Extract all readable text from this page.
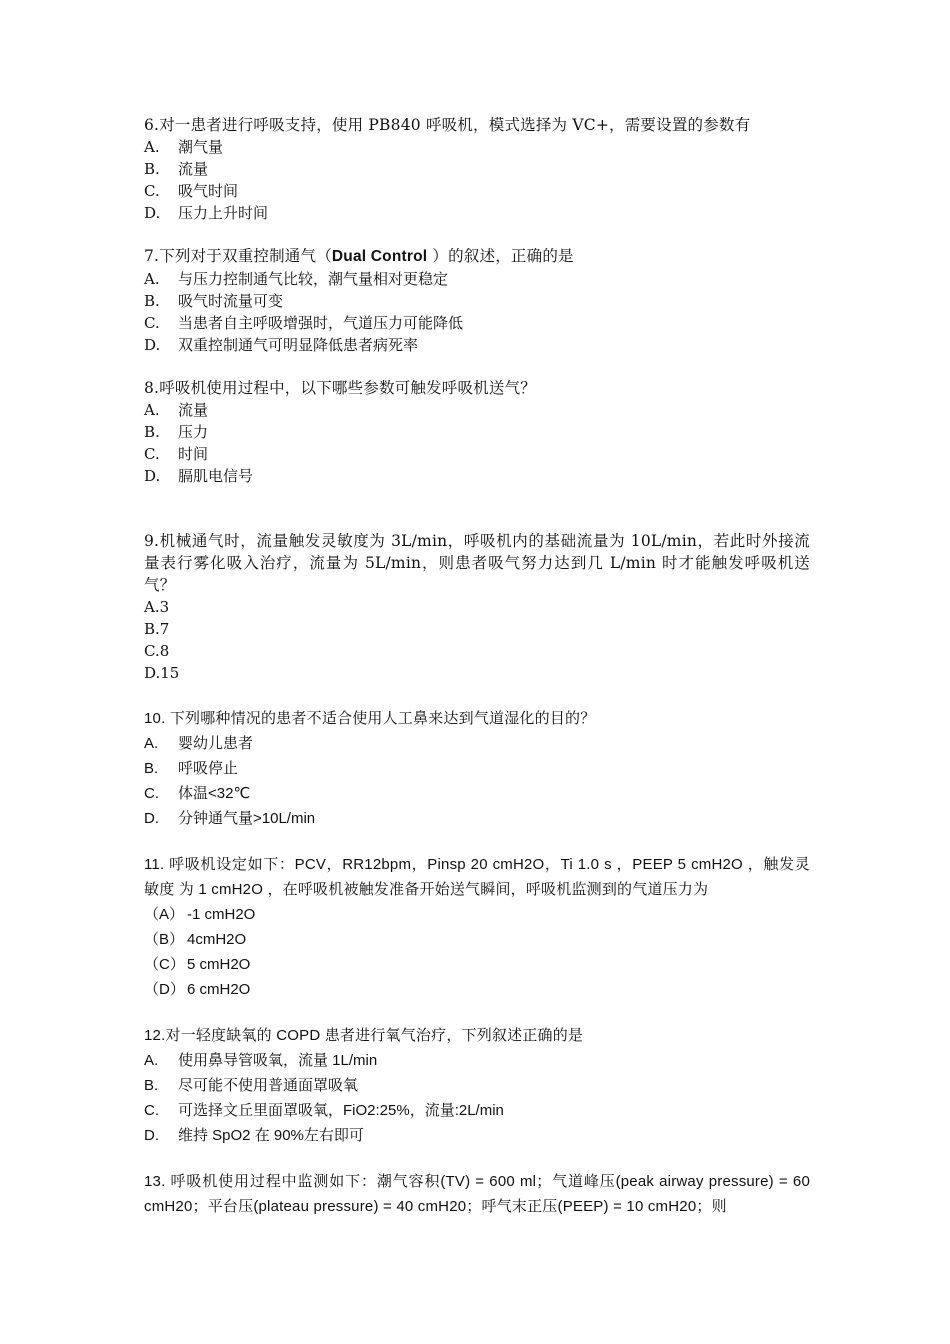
6.对一患者进行呼吸支持，使用 PB840 呼吸机，模式选择为 VC+，需要设置的参数有

A.	潮气量
B.	流量
C.	吸气时间
D.	压力上升时间

7.下列对于双重控制通气（Dual Control ）的叙述，正确的是

A.	与压力控制通气比较，潮气量相对更稳定
B.	吸气时流量可变
C.	当患者自主呼吸增强时，气道压力可能降低
D.	双重控制通气可明显降低患者病死率

8.呼吸机使用过程中，以下哪些参数可触发呼吸机送气？

A.	流量
B.	压力
C.	时间
D.	膈肌电信号

9.机械通气时，流量触发灵敏度为 3L/min，呼吸机内的基础流量为 10L/min，若此时外接流量表行雾化吸入治疗，流量为 5L/min，则患者吸气努力达到几 L/min 时才能触发呼吸机送气？

A.3
B.7
C.8
D.15

10. 下列哪种情况的患者不适合使用人工鼻来达到气道湿化的目的？

A.	婴幼儿患者
B.	呼吸停止
C.	体温<32℃
D.	分钟通气量>10L/min

11. 呼吸机设定如下：PCV，RR12bpm，Pinsp 20 cmH2O，Ti 1.0 s ，PEEP 5 cmH2O ，触发灵敏度 为 1 cmH2O ，在呼吸机被触发准备开始送气瞬间，呼吸机监测到的气道压力为

（A） -1 cmH2O
（B） 4cmH2O
（C） 5 cmH2O
（D） 6 cmH2O

12.对一轻度缺氧的 COPD 患者进行氧气治疗，下列叙述正确的是

A.	使用鼻导管吸氧，流量 1L/min
B.	尽可能不使用普通面罩吸氧
C.	可选择文丘里面罩吸氧，FiO2:25%，流量:2L/min
D.	维持 SpO2 在 90%左右即可

13. 呼吸机使用过程中监测如下：潮气容积(TV) = 600 ml；气道峰压(peak airway pressure) = 60 cmH20；平台压(plateau pressure) = 40 cmH20；呼气末正压(PEEP) = 10 cmH20；则
